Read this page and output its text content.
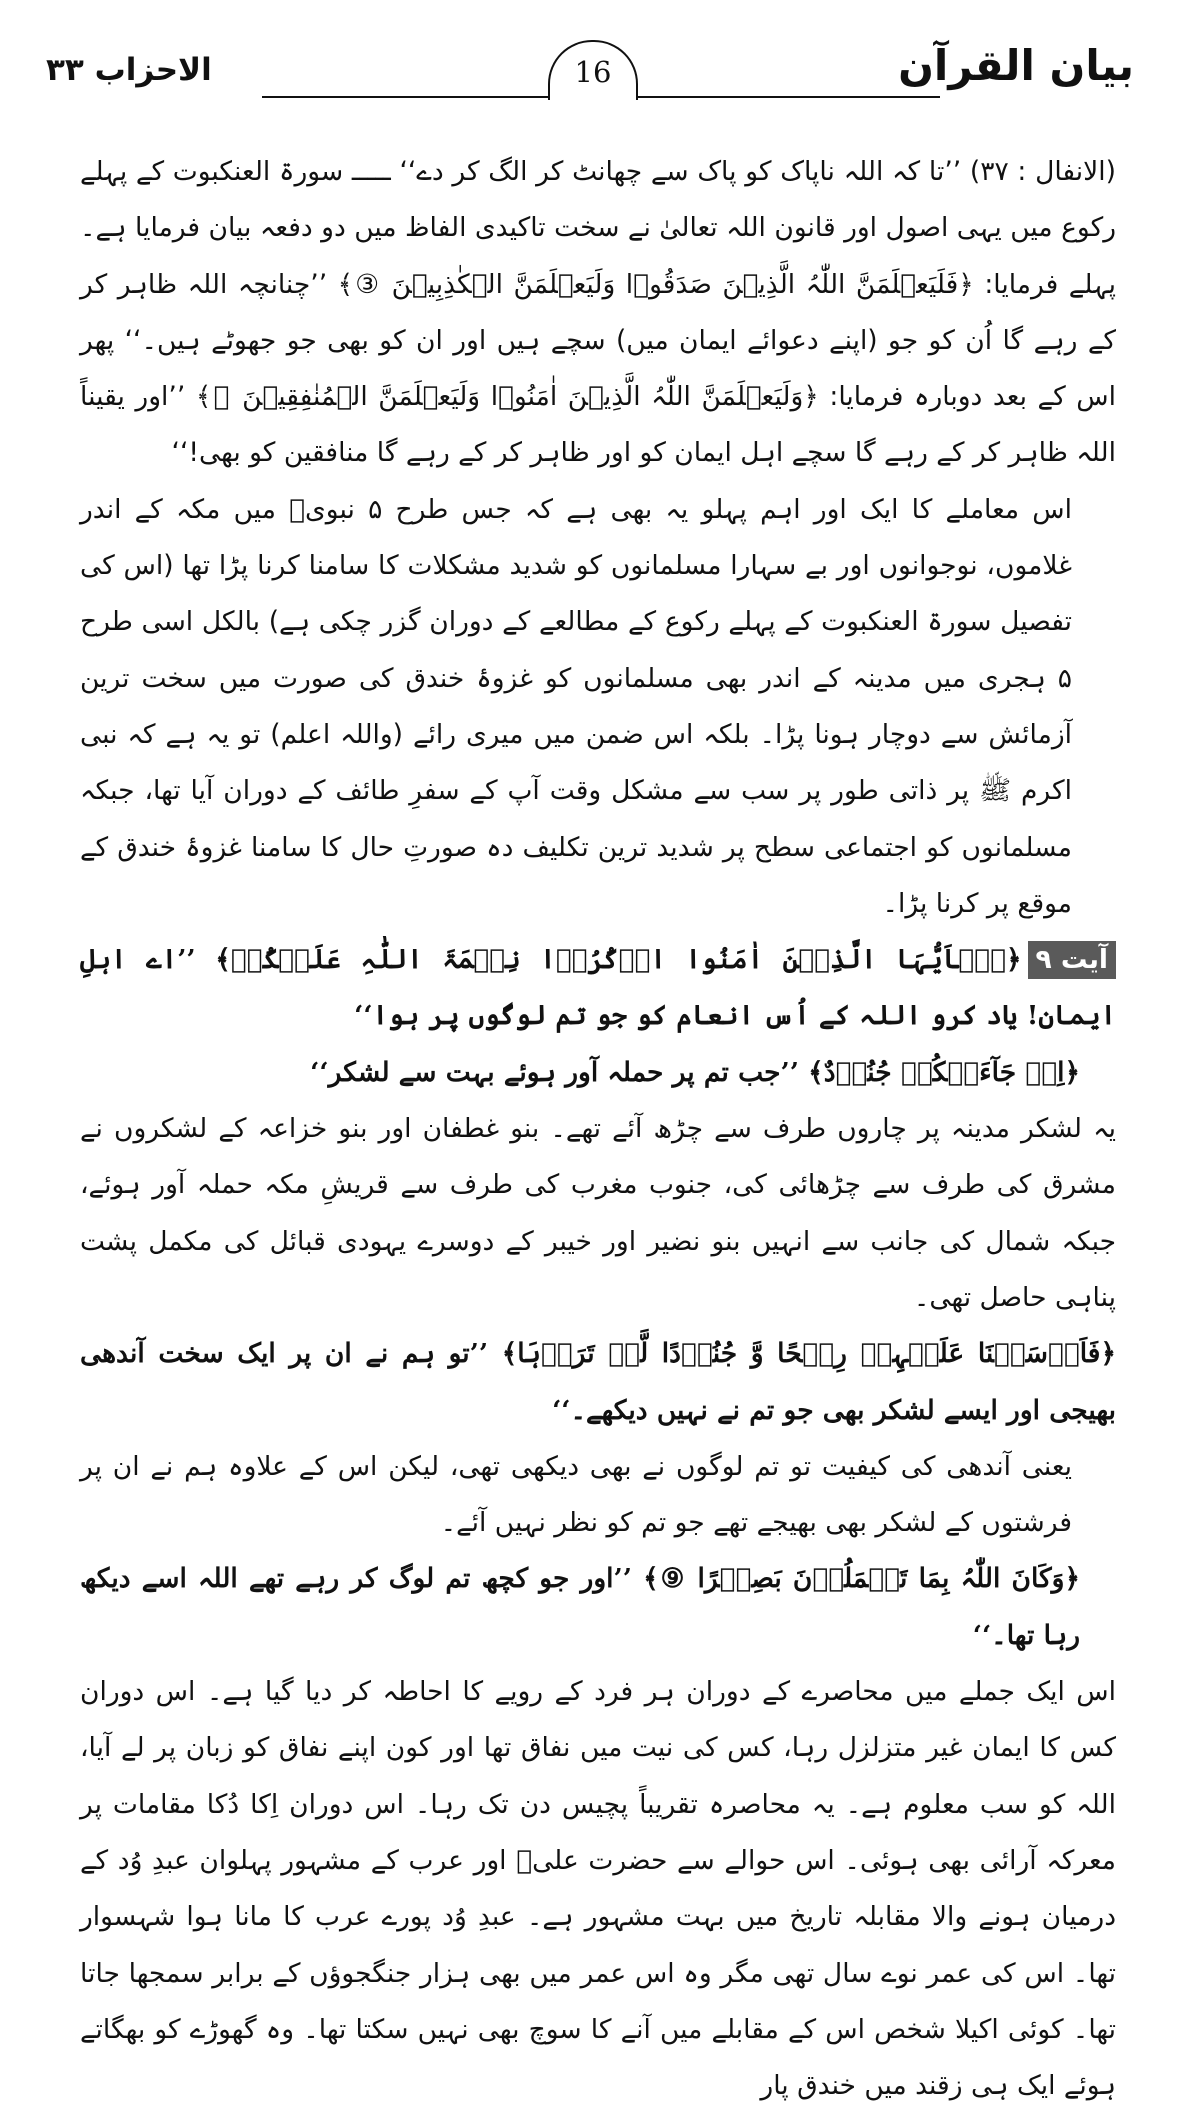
بیان القرآن
16
الاحزاب ۳۳

(الانفال : ۳۷) ’’تا کہ اللہ ناپاک کو پاک سے چھانٹ کر الگ کر دے‘‘ ـــــ سورۃ العنکبوت کے پہلے رکوع میں یہی اصول اور قانون اللہ تعالیٰ نے سخت تاکیدی الفاظ میں دو دفعہ بیان فرمایا ہے۔ پہلے فرمایا: ﴿فَلَیَعۡلَمَنَّ اللّٰہُ الَّذِیۡنَ صَدَقُوۡا وَلَیَعۡلَمَنَّ الۡکٰذِبِیۡنَ ③﴾ ’’چنانچہ اللہ ظاہر کر کے رہے گا اُن کو جو (اپنے دعوائے ایمان میں) سچے ہیں اور ان کو بھی جو جھوٹے ہیں۔‘‘ پھر اس کے بعد دوبارہ فرمایا: ﴿وَلَیَعۡلَمَنَّ اللّٰہُ الَّذِیۡنَ اٰمَنُوۡا وَلَیَعۡلَمَنَّ الۡمُنٰفِقِیۡنَ ⑪﴾ ’’اور یقیناً اللہ ظاہر کر کے رہے گا سچے اہل ایمان کو اور ظاہر کر کے رہے گا منافقین کو بھی!‘‘

اس معاملے کا ایک اور اہم پہلو یہ بھی ہے کہ جس طرح ۵ نبویؐ میں مکہ کے اندر غلاموں، نوجوانوں اور بے سہارا مسلمانوں کو شدید مشکلات کا سامنا کرنا پڑا تھا (اس کی تفصیل سورۃ العنکبوت کے پہلے رکوع کے مطالعے کے دوران گزر چکی ہے) بالکل اسی طرح ۵ ہجری میں مدینہ کے اندر بھی مسلمانوں کو غزوۂ خندق کی صورت میں سخت ترین آزمائش سے دوچار ہونا پڑا۔ بلکہ اس ضمن میں میری رائے (واللہ اعلم) تو یہ ہے کہ نبی اکرم ﷺ پر ذاتی طور پر سب سے مشکل وقت آپ کے سفرِ طائف کے دوران آیا تھا، جبکہ مسلمانوں کو اجتماعی سطح پر شدید ترین تکلیف دہ صورتِ حال کا سامنا غزوۂ خندق کے موقع پر کرنا پڑا۔

آیت ۹﴿یٰۤاَیُّہَا الَّذِیۡنَ اٰمَنُوا اذۡکُرُوۡا نِعۡمَۃَ اللّٰہِ عَلَیۡکُمۡ﴾ ’’اے اہلِ ایمان! یاد کرو اللہ کے اُس انعام کو جو تم لوگوں پر ہوا‘‘

﴿اِذۡ جَآءَتۡکُمۡ جُنُوۡدٌ﴾ ’’جب تم پر حملہ آور ہوئے بہت سے لشکر‘‘

یہ لشکر مدینہ پر چاروں طرف سے چڑھ آئے تھے۔ بنو غطفان اور بنو خزاعہ کے لشکروں نے مشرق کی طرف سے چڑھائی کی، جنوب مغرب کی طرف سے قریشِ مکہ حملہ آور ہوئے، جبکہ شمال کی جانب سے انہیں بنو نضیر اور خیبر کے دوسرے یہودی قبائل کی مکمل پشت پناہی حاصل تھی۔

﴿فَاَرۡسَلۡنَا عَلَیۡہِمۡ رِیۡحًا وَّ جُنُوۡدًا لَّمۡ تَرَوۡہَا﴾ ’’تو ہم نے ان پر ایک سخت آندھی بھیجی اور ایسے لشکر بھی جو تم نے نہیں دیکھے۔‘‘

یعنی آندھی کی کیفیت تو تم لوگوں نے بھی دیکھی تھی، لیکن اس کے علاوہ ہم نے ان پر فرشتوں کے لشکر بھی بھیجے تھے جو تم کو نظر نہیں آئے۔

﴿وَکَانَ اللّٰہُ بِمَا تَعۡمَلُوۡنَ بَصِیۡرًا ⑨﴾ ’’اور جو کچھ تم لوگ کر رہے تھے اللہ اسے دیکھ رہا تھا۔‘‘

اس ایک جملے میں محاصرے کے دوران ہر فرد کے رویے کا احاطہ کر دیا گیا ہے۔ اس دوران کس کا ایمان غیر متزلزل رہا، کس کی نیت میں نفاق تھا اور کون اپنے نفاق کو زبان پر لے آیا، اللہ کو سب معلوم ہے۔ یہ محاصرہ تقریباً پچیس دن تک رہا۔ اس دوران اِکا دُکا مقامات پر معرکہ آرائی بھی ہوئی۔ اس حوالے سے حضرت علیؓ اور عرب کے مشہور پہلوان عبدِ وُد کے درمیان ہونے والا مقابلہ تاریخ میں بہت مشہور ہے۔ عبدِ وُد پورے عرب کا مانا ہوا شہسوار تھا۔ اس کی عمر نوے سال تھی مگر وہ اس عمر میں بھی ہزار جنگجوؤں کے برابر سمجھا جاتا تھا۔ کوئی اکیلا شخص اس کے مقابلے میں آنے کا سوچ بھی نہیں سکتا تھا۔ وہ گھوڑے کو بھگاتے ہوئے ایک ہی زقند میں خندق پار
